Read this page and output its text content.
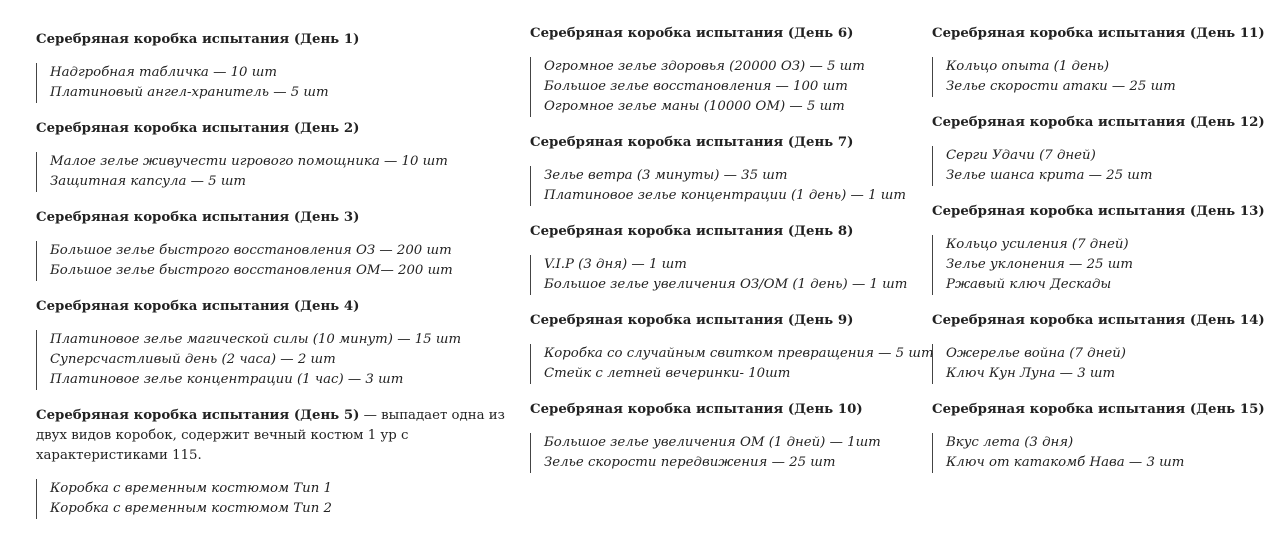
Серебряная коробка испытания (День 1)

Надгробная табличка — 10 шт
Платиновый ангел-хранитель — 5 шт

Серебряная коробка испытания (День 2)

Малое зелье живучести игрового помощника — 10 шт
Защитная капсула — 5 шт

Серебряная коробка испытания (День 3)

Большое зелье быстрого восстановления ОЗ — 200 шт
Большое зелье быстрого восстановления ОМ— 200 шт

Серебряная коробка испытания (День 4)

Платиновое зелье магической силы (10 минут) — 15 шт
Суперсчастливый день (2 часа) — 2 шт
Платиновое зелье концентрации (1 час) — 3 шт

Серебряная коробка испытания (День 5) — выпадает одна из двух видов коробок, содержит вечный костюм 1 ур с характеристиками 115.

Коробка с временным костюмом Тип 1
Коробка с временным костюмом Тип 2

Серебряная коробка испытания (День 6)

Огромное зелье здоровья (20000 ОЗ) — 5 шт
Большое зелье восстановления — 100 шт
Огромное зелье маны (10000 ОМ) — 5 шт

Серебряная коробка испытания (День 7)

Зелье ветра (3 минуты) — 35 шт
Платиновое зелье концентрации (1 день) — 1 шт

Серебряная коробка испытания (День 8)

V.I.P (3 дня) — 1 шт
Большое зелье увеличения ОЗ/ОМ (1 день) — 1 шт

Серебряная коробка испытания (День 9)

Коробка со случайным свитком превращения — 5 шт
Стейк с летней вечеринки- 10шт

Серебряная коробка испытания (День 10)

Большое зелье увеличения ОМ (1 дней) — 1шт
Зелье скорости передвижения — 25 шт

Серебряная коробка испытания (День 11)

Кольцо опыта (1 день)
Зелье скорости атаки — 25 шт

Серебряная коробка испытания (День 12)

Серги Удачи (7 дней)
Зелье шанса крита — 25 шт

Серебряная коробка испытания (День 13)

Кольцо усиления (7 дней)
Зелье уклонения — 25 шт
Ржавый ключ Дескады

Серебряная коробка испытания (День 14)

Ожерелье война (7 дней)
Ключ Кун Луна — 3 шт

Серебряная коробка испытания (День 15)

Вкус лета (3 дня)
Ключ от катакомб Нава — 3 шт
